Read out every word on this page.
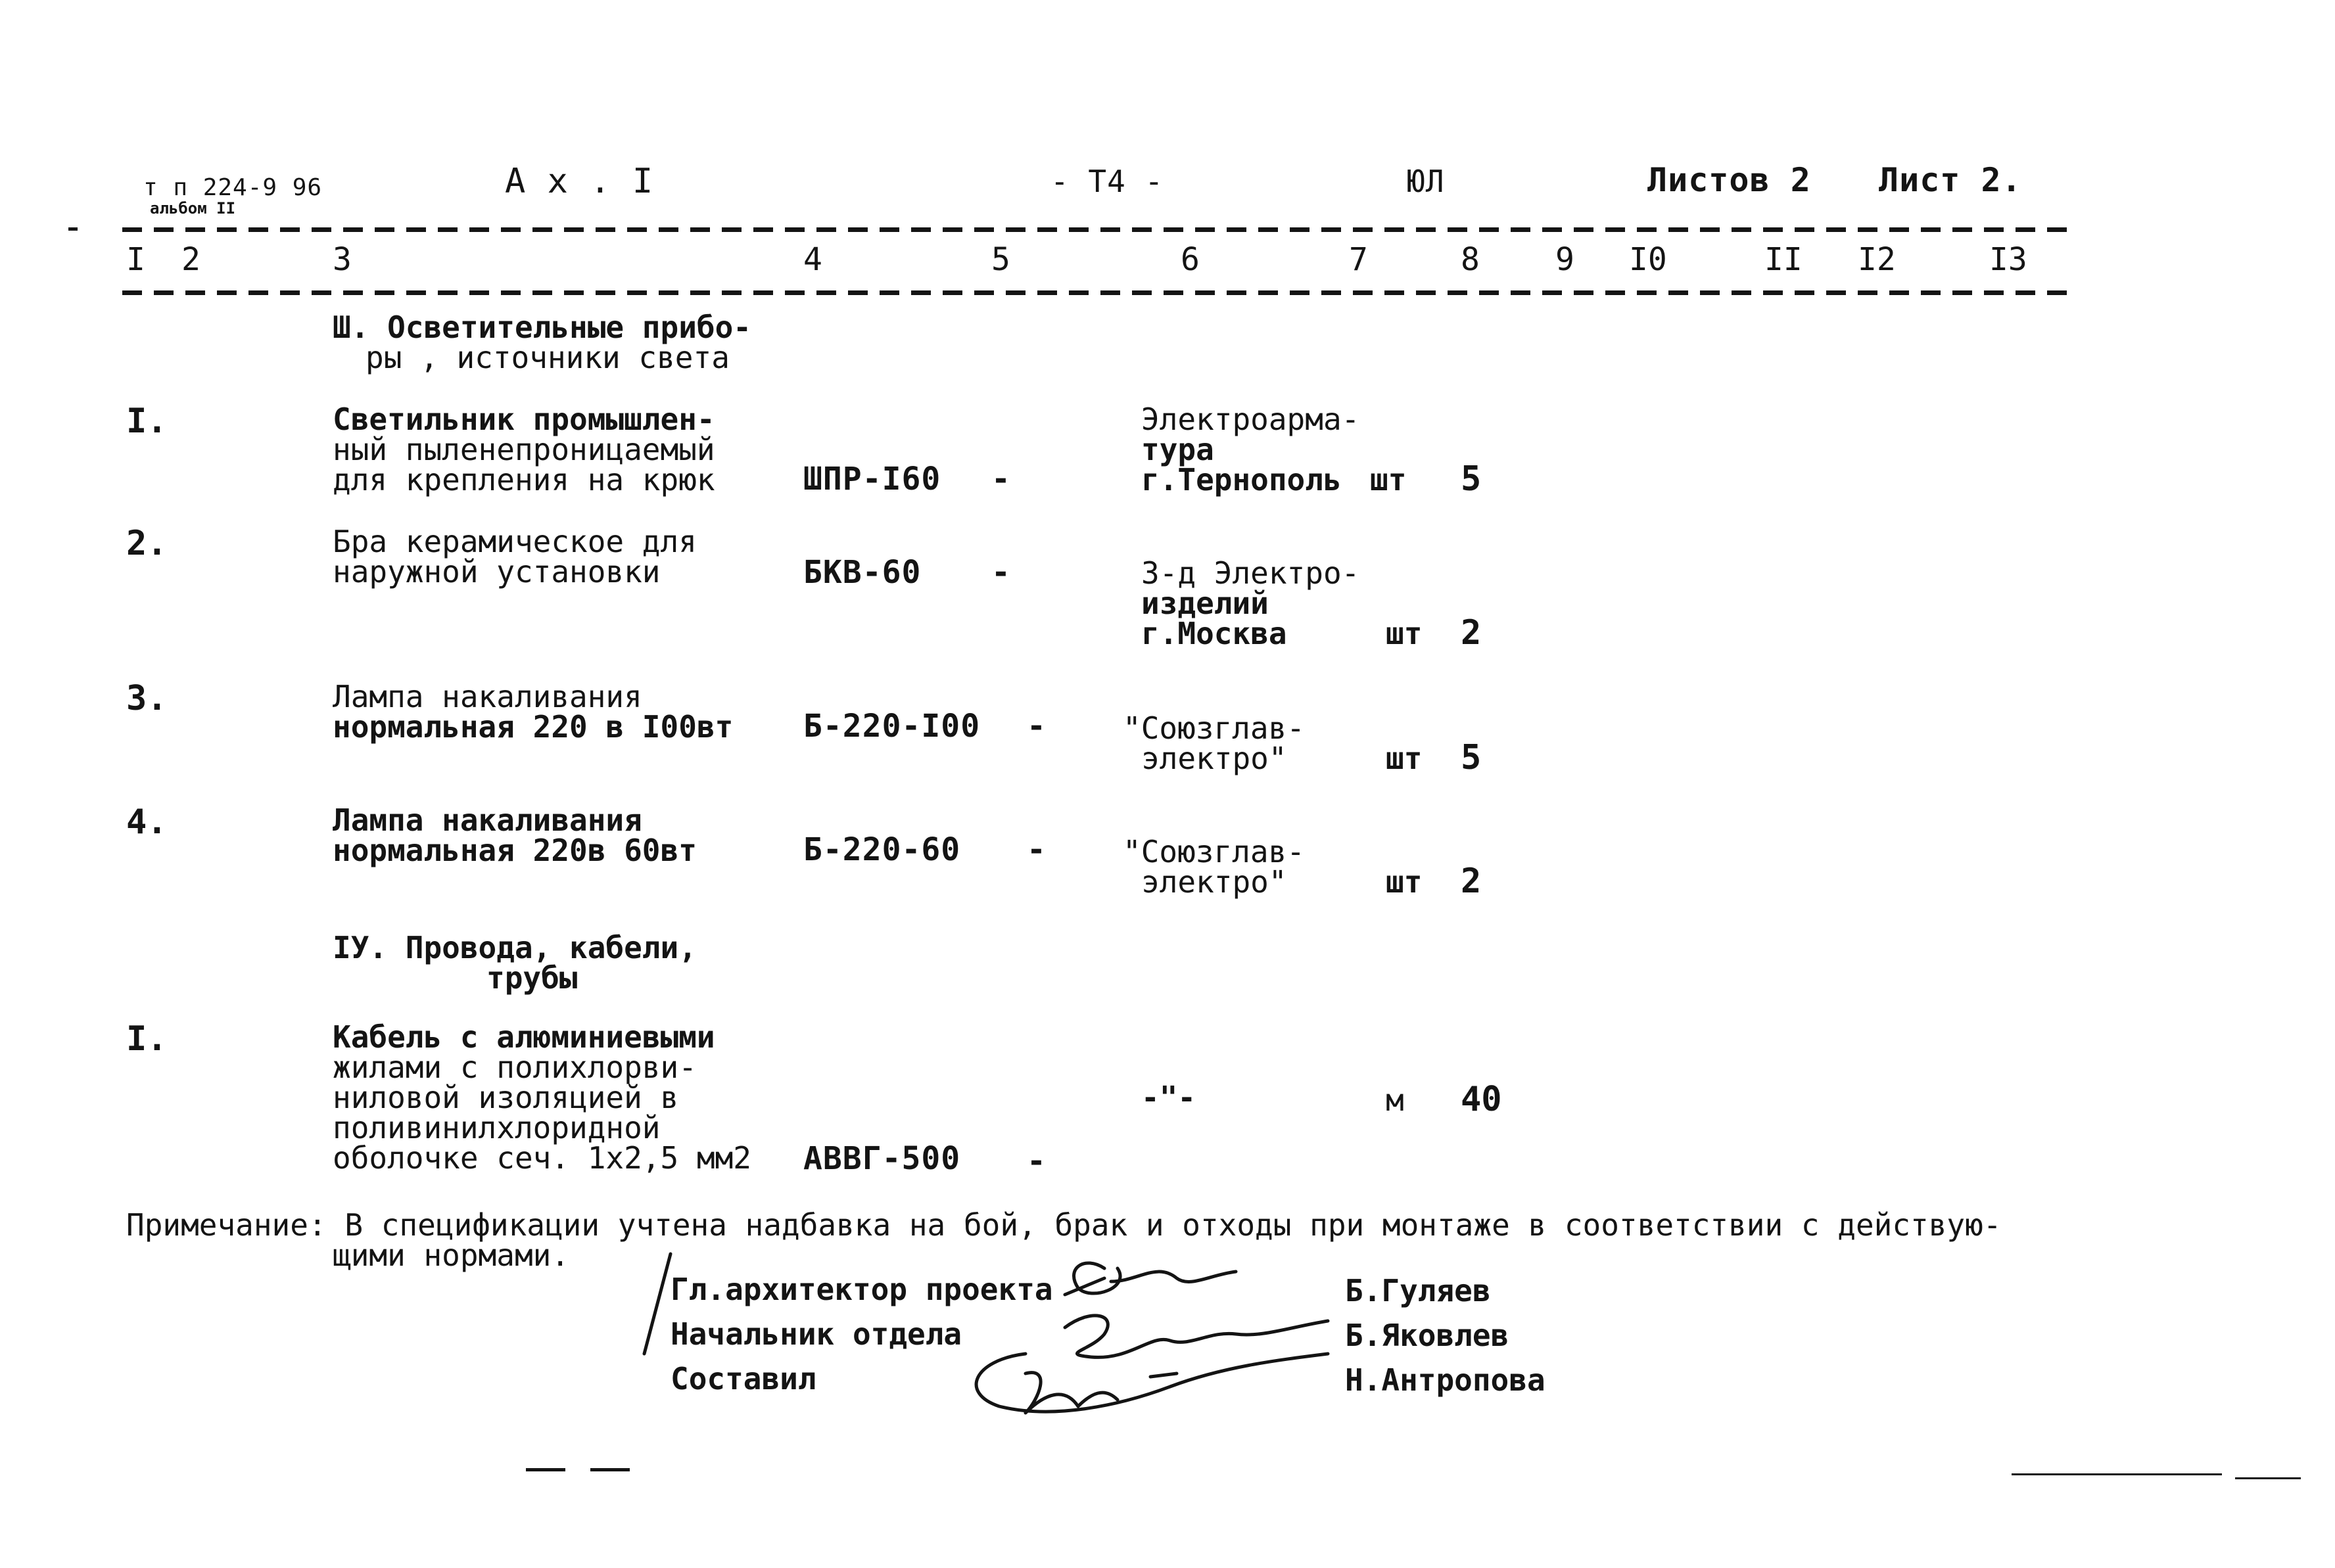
т п 224-9 96
альбом II
А х . I	- Т4 -	ЮЛ	Листов 2 Лист 2.
I 2	3	4	5	6	7	8 9 I0	II I2	I3
Ш. Осветительные прибо-
ры , источники света
I.	Светильник промышлен-
ный пыленепроницаемый
для крепления на крюк	ШПР-I60 -
Электроарма-
тура
г.Тернополь шт 5
2.	Бра керамическое для
наружной установки	БКВ-60 -	З-д Электро-
изделий
г.Москва	шт 2
3.	Лампа накаливания
нормальная 220 в I00вт Б-220-I00 -	"Союзглав-
электро"	шт 5
4.	Лампа накаливания
нормальная 220в 60вт	Б-220-60 -	"Союзглав-
электро"	шт 2
IУ. Провода, кабели,
трубы
I.	Кабель с алюминиевыми
жилами с полихлорви-
ниловой изоляцией в
поливинилхлоридной
оболочке сеч. 1х2,5 мм2 АВВГ-500 -
-"-	м 40
Примечание: В спецификации учтена надбавка на бой, брак и отходы при монтаже в соответствии с действую-
щими нормами.
Гл.архитектор проекта	Б.Гуляев
Начальник отдела	Б.Яковлев
Составил	Н.Антропова
